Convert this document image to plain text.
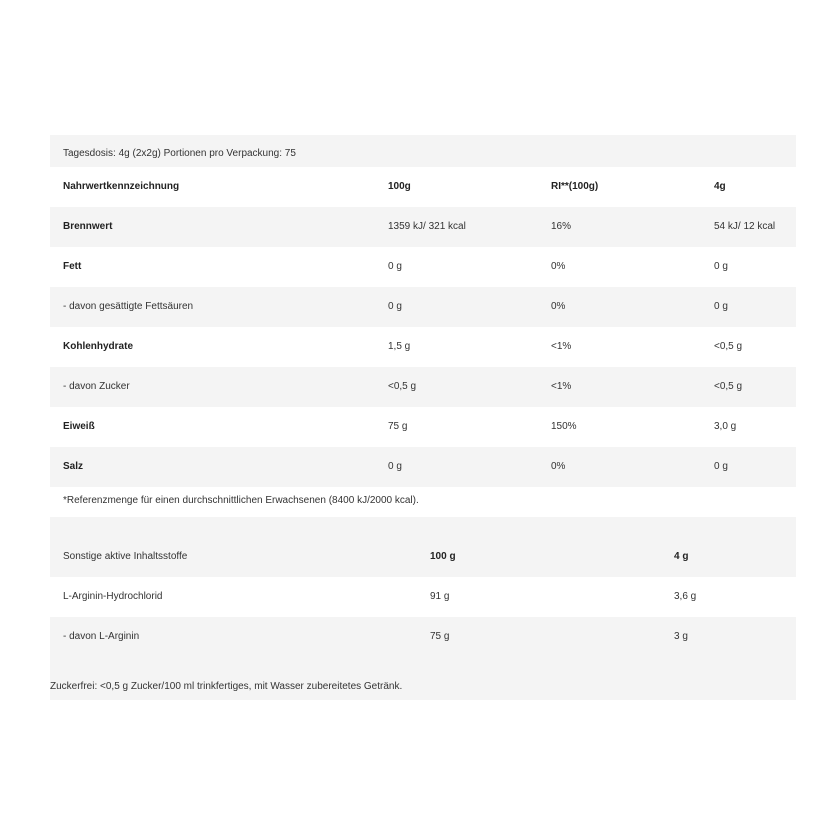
Tagesdosis: 4g (2x2g) Portionen pro Verpackung: 75
Nahrwertkennzeichnung	100g	RI**(100g)	4g
Brennwert	1359 kJ/ 321 kcal	16%	54 kJ/ 12 kcal
Fett	0 g	0%	0 g
- davon gesättigte Fettsäuren	0 g	0%	0 g
Kohlenhydrate	1,5 g	<1%	<0,5 g
- davon Zucker	<0,5 g	<1%	<0,5 g
Eiweiß	75 g	150%	3,0 g
Salz	0 g	0%	0 g
*Referenzmenge für einen durchschnittlichen Erwachsenen (8400 kJ/2000 kcal).
Sonstige aktive Inhaltsstoffe	100 g	4 g
L-Arginin-Hydrochlorid	91 g	3,6 g
- davon L-Arginin	75 g	3 g
Zuckerfrei: <0,5 g Zucker/100 ml trinkfertiges, mit Wasser zubereitetes Getränk.
